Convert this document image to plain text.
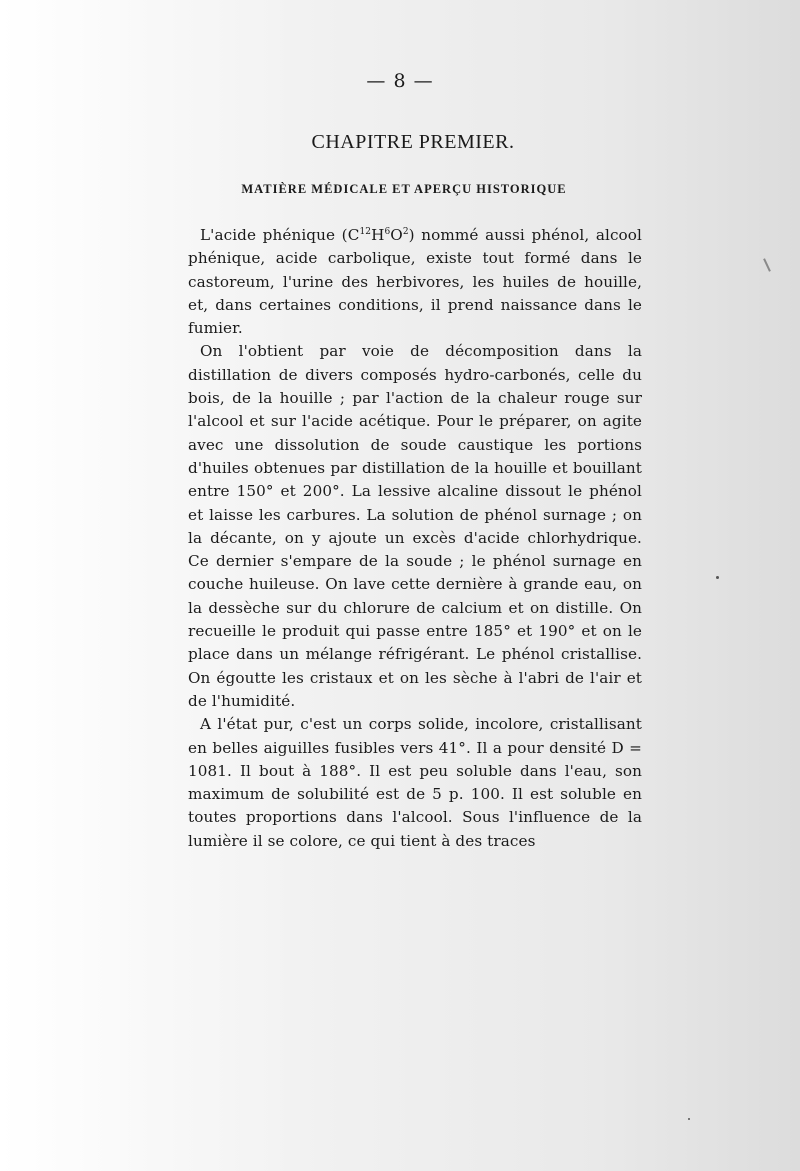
— 8 —
CHAPITRE PREMIER.
MATIÈRE MÉDICALE ET APERÇU HISTORIQUE

L'acide phénique $(C^{12}H^6O^2)$ nommé aussi phénol, alcool phénique, acide carbolique, existe tout formé dans le castoreum, l'urine des herbivores, les huiles de houille, et, dans certaines conditions, il prend naissance dans le fumier.

On l'obtient par voie de décomposition dans la distillation de divers composés hydro-carbonés, celle du bois, de la houille ; par l'action de la chaleur rouge sur l'alcool et sur l'acide acétique. Pour le préparer, on agite avec une dissolution de soude caustique les portions d'huiles obtenues par distillation de la houille et bouillant entre 150° et 200°. La lessive alcaline dissout le phénol et laisse les carbures. La solution de phénol surnage ; on la décante, on y ajoute un excès d'acide chlorhydrique. Ce dernier s'empare de la soude ; le phénol surnage en couche huileuse. On lave cette dernière à grande eau, on la dessèche sur du chlorure de calcium et on distille. On recueille le produit qui passe entre 185° et 190° et on le place dans un mélange réfrigérant. Le phénol cristallise. On égoutte les cristaux et on les sèche à l'abri de l'air et de l'humidité.

A l'état pur, c'est un corps solide, incolore, cristallisant en belles aiguilles fusibles vers 41°. Il a pour densité D = 1081. Il bout à 188°. Il est peu soluble dans l'eau, son maximum de solubilité est de 5 p. 100. Il est soluble en toutes proportions dans l'alcool. Sous l'influence de la lumière il se colore, ce qui tient à des traces
